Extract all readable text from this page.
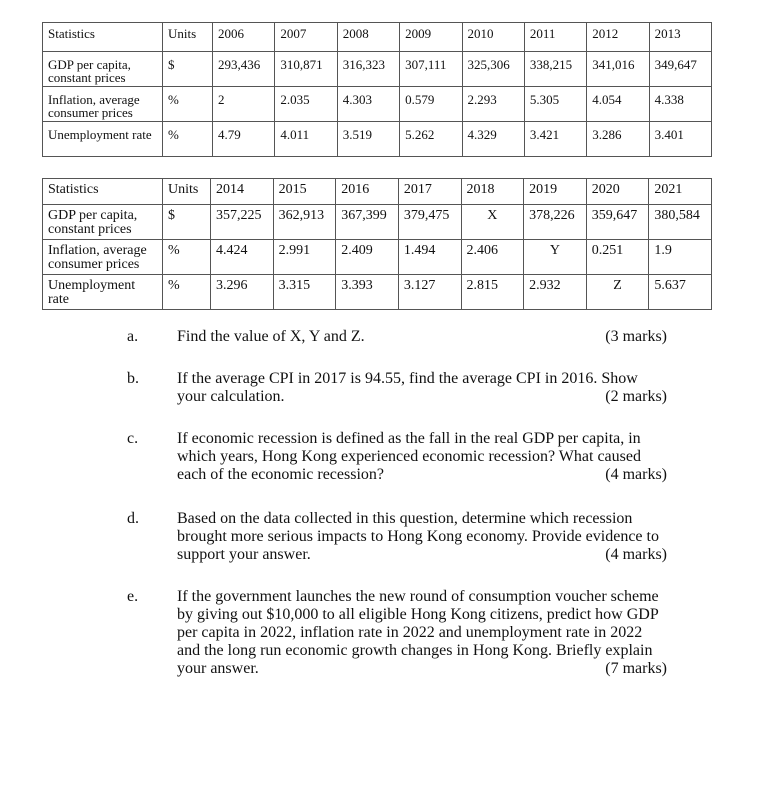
Statistics	Units	2006	2007	2008	2009	2010	2011	2012	2013
GDP per capita, constant prices	$	293,436	310,871	316,323	307,111	325,306	338,215	341,016	349,647
Inflation, average consumer prices	%	2	2.035	4.303	0.579	2.293	5.305	4.054	4.338
Unemployment rate	%	4.79	4.011	3.519	5.262	4.329	3.421	3.286	3.401
Statistics	Units	2014	2015	2016	2017	2018	2019	2020	2021
GDP per capita, constant prices	$	357,225	362,913	367,399	379,475	X	378,226	359,647	380,584
Inflation, average consumer prices	%	4.424	2.991	2.409	1.494	2.406	Y	0.251	1.9
Unemployment rate	%	3.296	3.315	3.393	3.127	2.815	2.932	Z	5.637
a. Find the value of X, Y and Z.	(3 marks)
b. If the average CPI in 2017 is 94.55, find the average CPI in 2016. Show your calculation.	(2 marks)
c. If economic recession is defined as the fall in the real GDP per capita, in which years, Hong Kong experienced economic recession? What caused each of the economic recession?	(4 marks)
d. Based on the data collected in this question, determine which recession brought more serious impacts to Hong Kong economy. Provide evidence to support your answer.	(4 marks)
e. If the government launches the new round of consumption voucher scheme by giving out $10,000 to all eligible Hong Kong citizens, predict how GDP per capita in 2022, inflation rate in 2022 and unemployment rate in 2022 and the long run economic growth changes in Hong Kong. Briefly explain your answer.	(7 marks)
